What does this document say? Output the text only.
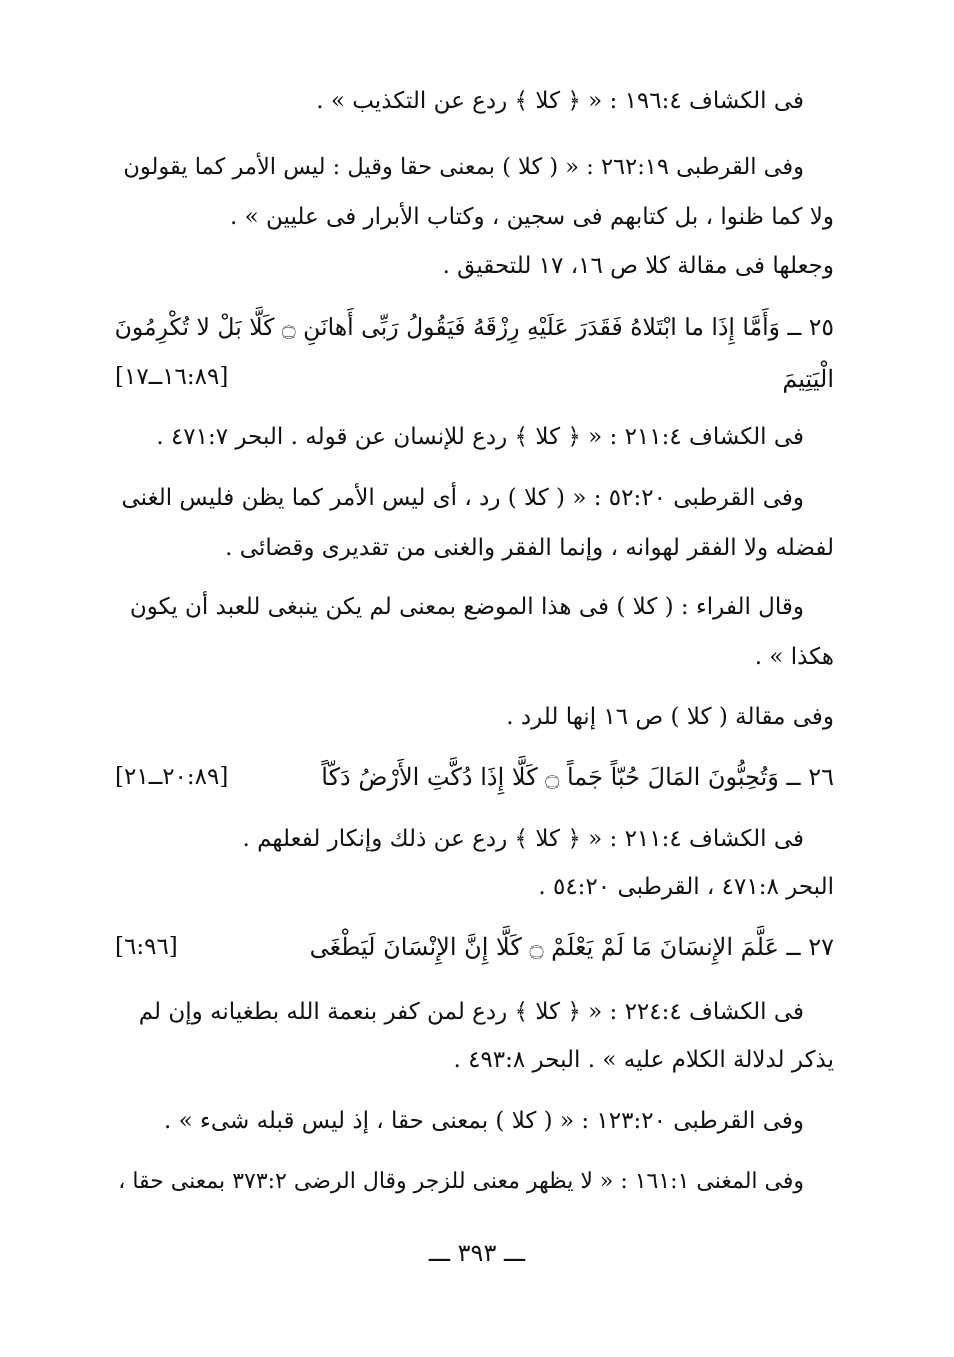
فى الكشاف ١٩٦:٤ : « ﴿ كلا ﴾ ردع عن التكذيب » .
وفى القرطبى ٢٦٢:١٩ : « ( كلا ) بمعنى حقا وقيل : ليس الأمر كما يقولون
ولا كما ظنوا ، بل كتابهم فى سجين ، وكتاب الأبرار فى عليين » .
وجعلها فى مقالة كلا ص ١٦، ١٧ للتحقيق .
٢٥ ــ وَأَمَّا إِذَا ما ابْتَلاهُ فَقَدَرَ عَلَيْهِ رِزْقَهُ فَيَقُولُ رَبِّى أَهانَنِ ۝ كَلَّا بَلْ لا تُكْرِمُونَ
الْيَتِيمَ
[١٦:٨٩ــ١٧]
فى الكشاف ٢١١:٤ : « ﴿ كلا ﴾ ردع للإنسان عن قوله . البحر ٤٧١:٧ .
وفى القرطبى ٥٢:٢٠ : « ( كلا ) رد ، أى ليس الأمر كما يظن فليس الغنى
لفضله ولا الفقر لهوانه ، وإنما الفقر والغنى من تقديرى وقضائى .
وقال الفراء : ( كلا ) فى هذا الموضع بمعنى لم يكن ينبغى للعبد أن يكون
هكذا » .
وفى مقالة ( كلا ) ص ١٦ إنها للرد .
٢٦ ــ وَتُحِبُّونَ المَالَ حُبّاً جَماً ۝ كَلَّا إِذَا دُكَّتِ الأَرْضُ دَكّاً
[٢٠:٨٩ــ٢١]
فى الكشاف ٢١١:٤ : « ﴿ كلا ﴾ ردع عن ذلك وإنكار لفعلهم .
البحر ٤٧١:٨ ، القرطبى ٥٤:٢٠ .
٢٧ ــ عَلَّمَ الإِنسَانَ مَا لَمْ يَعْلَمْ ۝ كَلَّا إِنَّ الإِنْسَانَ لَيَطْغَى
[٦:٩٦]
فى الكشاف ٢٢٤:٤ : « ﴿ كلا ﴾ ردع لمن كفر بنعمة الله بطغيانه وإن لم
يذكر لدلالة الكلام عليه » . البحر ٤٩٣:٨ .
وفى القرطبى ١٢٣:٢٠ : « ( كلا ) بمعنى حقا ، إذ ليس قبله شىء » .
وفى المغنى ١٦١:١ : « لا يظهر معنى للزجر وقال الرضى ٣٧٣:٢ بمعنى حقا ،
ـــ ٣٩٣ ـــ
